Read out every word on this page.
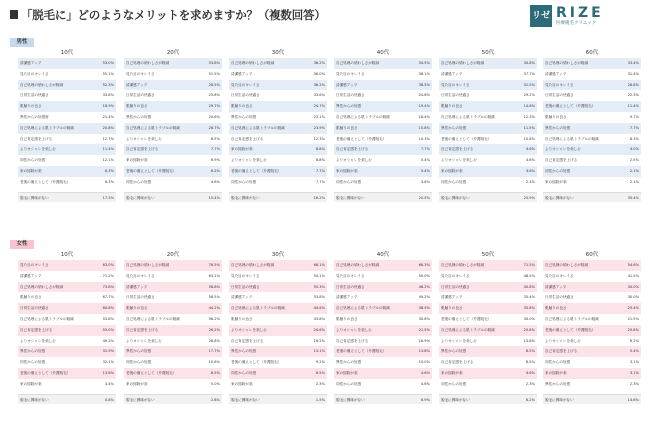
「脱毛に」どのようなメリットを求めますか？（複数回答）	リゼ RIZE
医療脱毛クリニック
男性
10代
清潔感アップ	53.0%
見た目のキレイさ	55.1%
自己処理の煩わしさが軽減	52.3%
日常生活の快適さ	33.8%
肌触りの良さ	18.9%
異性からの好感度	21.4%
自己処理による肌トラブルの軽減	20.8%
自己肯定感を上げる	12.7%
よりオシャレを楽しむ	11.4%
同性からの好感	12.1%
家の掃除が楽	8.3%
老後の備えとして（介護脱毛）	6.3%
脱毛に興味がない	17.3%
20代
自己処理の煩わしさが軽減	53.8%
見た目のキレイさ	51.5%
清潔感アップ	28.5%
日常生活の快適さ	25.8%
肌触りの良さ	29.7%
異性からの好感	20.6%
自己処理による肌トラブルの軽減	26.7%
よりオシャレを楽しむ	8.5%
自己肯定感を上げる	7.7%
家の掃除が楽	6.9%
老後の備えとして（介護脱毛）	6.2%
同性からの好感	4.6%
脱毛に興味がない	15.4%
30代
自己処理の煩わしさが軽減	36.2%
清潔感アップ	36.0%
見た目のキレイさ	36.2%
日常生活の快適さ	33.6%
肌触りの良さ	24.7%
異性からの好感	23.1%
自己処理による肌トラブルの軽減	23.9%
自己肯定感を上げる	12.3%
家の掃除が楽	8.8%
よりオシャレを楽しむ	8.8%
老後の備えとして（介護脱毛）	7.7%
同性からの好感	7.7%
脱毛に興味がない	16.2%
40代
自己処理の煩わしさが軽減	34.5%
見た目のキレイさ	36.1%
清潔感アップ	38.5%
日常生活の快適さ	24.6%
異性からの好感	19.4%
自己処理による肌トラブルの軽減	18.4%
肌触りの良さ	15.8%
老後の備えとして（介護脱毛）	10.3%
自己肯定感を上げる	7.7%
よりオシャレを楽しむ	5.4%
家の掃除が楽	5.4%
同性からの好感	3.6%
脱毛に興味がない	20.5%
50代
自己処理の煩わしさが軽減	30.8%
清潔感アップ	37.7%
見た目のキレイさ	31.5%
日常生活の快適さ	29.2%
肌触りの良さ	14.6%
自己処理による肌トラブルの軽減	12.3%
異性からの好感	11.5%
老後の備えとして（介護脱毛）	10.8%
自己肯定感を上げる	4.6%
よりオシャレを楽しむ	4.6%
家の掃除が楽	3.6%
同性からの好感	2.3%
脱毛に興味がない	25.9%
60代
自己処理の煩わしさが軽減	33.4%
清潔感アップ	31.4%
見た目のキレイさ	28.8%
日常生活の快適さ	22.3%
老後の備えとして（介護脱毛）	11.4%
肌触りの良さ	9.7%
異性からの好感	7.7%
自己処理による肌トラブルの軽減	8.3%
よりオシャレを楽しむ	4.0%
自己肯定感を上げる	2.5%
同性からの好感	2.1%
家の掃除が楽	2.1%
脱毛に興味がない	35.4%
女性
10代
見た目のキレイさ	63.0%
清潔感アップ	71.2%
自己処理の煩わしさが軽減	73.8%
肌触りの良さ	67.7%
日常生活の快適さ	60.8%
自己処理による肌トラブルの軽減	53.8%
自己肯定感を上げる	55.0%
よりオシャレを楽しむ	49.2%
異性からの好感	31.9%
同性からの好感	32.1%
老後の備えとして（介護脱毛）	13.8%
家の掃除が楽	3.4%
脱毛に興味がない	0.8%
20代
自己処理の煩わしさが軽減	76.5%
見た目のキレイさ	63.1%
清潔感アップ	58.8%
日常生活の快適さ	58.5%
肌触りの良さ	44.2%
自己処理による肌トラブルの軽減	56.2%
自己肯定感を上げる	26.2%
よりオシャレを楽しむ	28.8%
異性からの好感	17.7%
同性からの好感	10.8%
老後の備えとして（介護脱毛）	8.5%
家の掃除が楽	5.0%
脱毛に興味がない	2.8%
30代
自己処理の煩わしさが軽減	66.1%
見た目のキレイさ	54.1%
日常生活の快適さ	50.3%
清潔感アップ	53.8%
自己処理による肌トラブルの軽減	44.6%
肌触りの良さ	43.8%
よりオシャレを楽しむ	24.6%
自己肯定感を上げる	16.2%
異性からの好感	13.1%
老後の備えとして（介護脱毛）	9.2%
同性からの好感	8.5%
家の掃除が楽	2.3%
脱毛に興味がない	1.5%
40代
自己処理の煩わしさが軽減	66.3%
見た目のキレイさ	50.0%
日常生活の快適さ	46.2%
清潔感アップ	49.2%
自己処理による肌トラブルの軽減	38.5%
肌触りの良さ	30.8%
よりオシャレを楽しむ	21.5%
自己肯定感を上げる	16.9%
老後の備えとして（介護脱毛）	13.8%
異性からの好感	10.0%
家の掃除が楽	4.6%
同性からの好感	4.6%
脱毛に興味がない	6.9%
50代
自己処理の煩わしさが軽減	71.5%
見た目のキレイさ	48.5%
日常生活の快適さ	40.8%
清潔感アップ	35.4%
肌触りの良さ	30.8%
老後の備えとして（介護脱毛）	30.0%
自己処理による肌トラブルの軽減	20.8%
よりオシャレを楽しむ	13.8%
異性からの好感	8.5%
自己肯定感を上げる	8.5%
家の掃除が楽	4.6%
同性からの好感	2.3%
脱毛に興味がない	6.2%
60代
自己処理の煩わしさが軽減	54.6%
見た目のキレイさ	41.5%
清潔感アップ	30.0%
日常生活の快適さ	30.0%
肌触りの良さ	25.4%
自己処理による肌トラブルの軽減	21.5%
老後の備えとして（介護脱毛）	20.8%
よりオシャレを楽しむ	6.2%
自己肯定感を上げる	5.4%
同性からの好感	3.1%
家の掃除が楽	3.1%
異性からの好感	2.3%
脱毛に興味がない	14.6%
